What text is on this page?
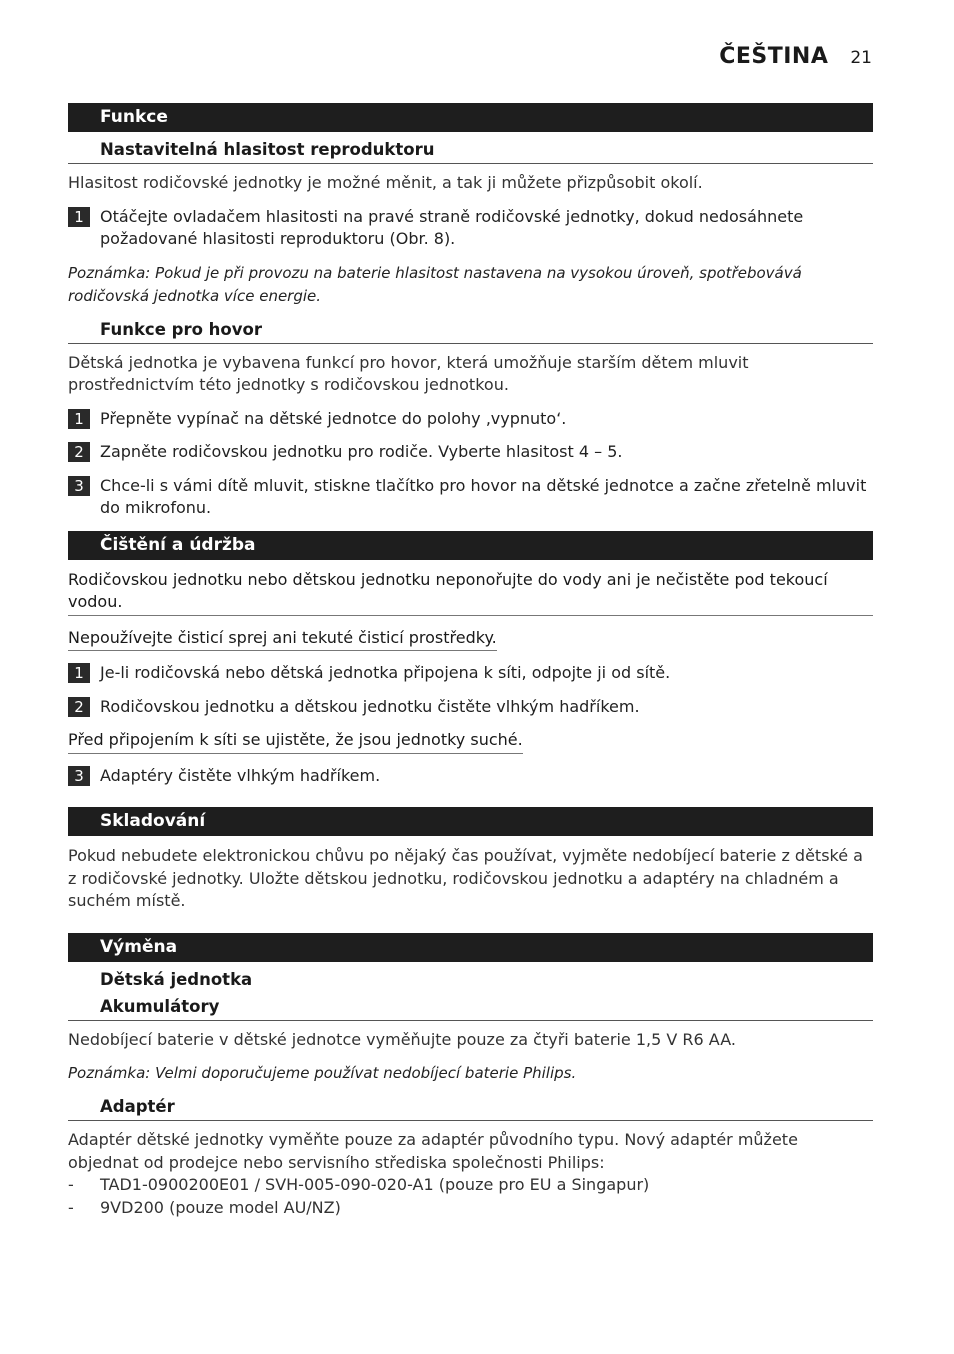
ČEŠTINA 21
Funkce
Nastavitelná hlasitost reproduktoru

Hlasitost rodičovské jednotky je možné měnit, a tak ji můžete přizpůsobit okolí.

1	Otáčejte ovladačem hlasitosti na pravé straně rodičovské jednotky, dokud nedosáhnete požadované hlasitosti reproduktoru (Obr. 8).

Poznámka: Pokud je při provozu na baterie hlasitost nastavena na vysokou úroveň, spotřebovává rodičovská jednotka více energie.

Funkce pro hovor

Dětská jednotka je vybavena funkcí pro hovor, která umožňuje starším dětem mluvit prostřednictvím této jednotky s rodičovskou jednotkou.

1	Přepněte vypínač na dětské jednotce do polohy ‚vypnuto‘.
2	Zapněte rodičovskou jednotku pro rodiče. Vyberte hlasitost 4 – 5.
3	Chce-li s vámi dítě mluvit, stiskne tlačítko pro hovor na dětské jednotce a začne zřetelně mluvit do mikrofonu.
Čištění a údržba
Rodičovskou jednotku nebo dětskou jednotku neponořujte do vody ani je nečistěte pod tekoucí vodou.
Nepoužívejte čisticí sprej ani tekuté čisticí prostředky.
1	Je-li rodičovská nebo dětská jednotka připojena k síti, odpojte ji od sítě.
2	Rodičovskou jednotku a dětskou jednotku čistěte vlhkým hadříkem.
Před připojením k síti se ujistěte, že jsou jednotky suché.
3	Adaptéry čistěte vlhkým hadříkem.
Skladování

Pokud nebudete elektronickou chůvu po nějaký čas používat, vyjměte nedobíjecí baterie z dětské a z rodičovské jednotky. Uložte dětskou jednotku, rodičovskou jednotku a adaptéry na chladném a suchém místě.

Výměna
Dětská jednotka
Akumulátory

Nedobíjecí baterie v dětské jednotce vyměňujte pouze za čtyři baterie 1,5 V R6 AA.

Poznámka: Velmi doporučujeme používat nedobíjecí baterie Philips.

Adaptér

Adaptér dětské jednotky vyměňte pouze za adaptér původního typu. Nový adaptér můžete objednat od prodejce nebo servisního střediska společnosti Philips:

-	TAD1-0900200E01 / SVH-005-090-020-A1 (pouze pro EU a Singapur)
-	9VD200 (pouze model AU/NZ)
